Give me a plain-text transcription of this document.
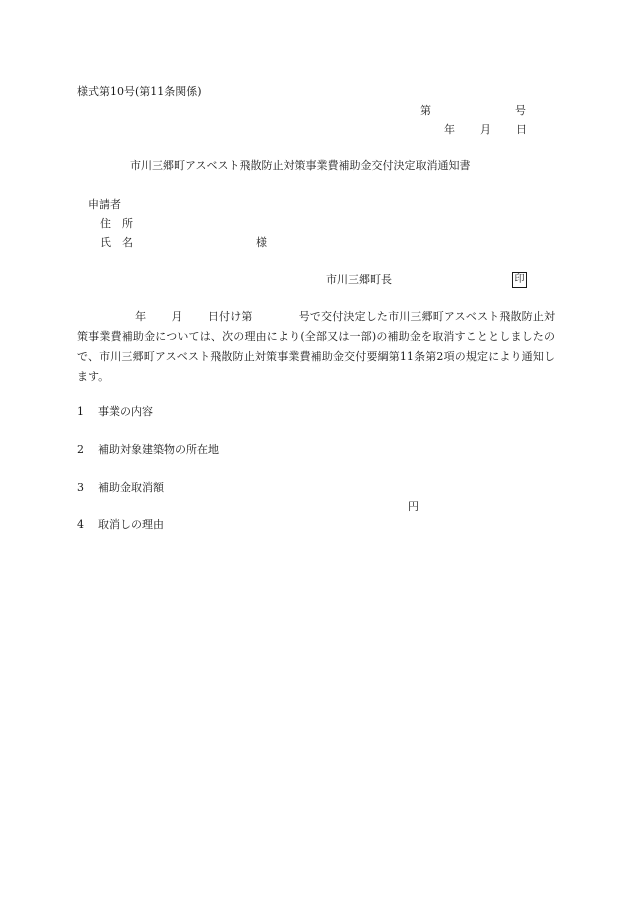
様式第10号(第11条関係)
第	号
年 月 日
市川三郷町アスベスト飛散防止対策事業費補助金交付決定取消通知書
申請者
住　所
氏　名	様
市川三郷町長	印
年 月 日付け第	号で交付決定した市川三郷町アスベスト飛散防止対策事業費補助金については、次の理由により(全部又は一部)の補助金を取消すこととしましたので、市川三郷町アスベスト飛散防止対策事業費補助金交付要綱第11条第2項の規定により通知します。
1 事業の内容
2 補助対象建築物の所在地
3 補助金取消額
円
4 取消しの理由
